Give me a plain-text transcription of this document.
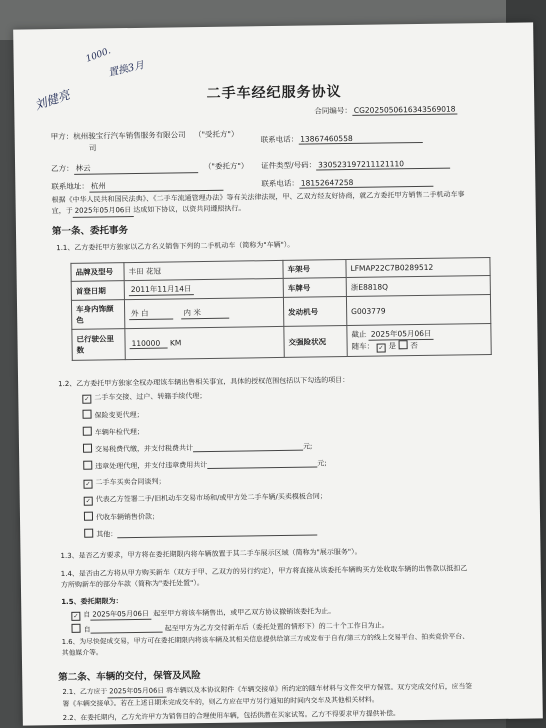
刘健亮
1000.
置换3月
二手车经纪服务协议
合同编号： CG20250506163435690​18
甲方：杭州骏宝行汽车销售服务有限公司 （"受托方"）
联系电话： 13867460558
司
乙方： 林云	（"委托方"） 证件类型/号码： 330523197211121110
联系地址： 杭州	联系电话： 18152647258
根据《中华人民共和国民法典》、《二手车流通管理办法》等有关法律法规，甲、乙双方经友好协商，就乙方委托甲方销售二手机动车事
宜，于 2025年05月06日 达成如下协议，以资共同遵照执行。
第一条、委托事务
1.1、乙方委托甲方独家以乙方名义销售下列的二手机动车（简称为"车辆"）。
品牌及型号	丰田 花冠	车架号	LFMAP22C7B0289512
首登日期	2011年11月14日	车牌号	浙E8818Q
车身内饰颜色	外 白 内 米	发动机号	G003779
已行驶公里数	110000 KM	交强险状况	截止 2025年05月06日
随车： ✓ 是 否
1.2、乙方委托甲方独家全权办理该车辆出售相关事宜，具体的授权范围包括以下勾选的项目：
✓ 二手车交接、过户、转籍手续代理；
保险变更代理；
车辆年检代理；
交易税费代缴，并支付税费共计	元;
违章处理代理，并支付违章费用共计	元;
✓ 二手车买卖合同谈判；
✓ 代表乙方签署二手/旧机动车交易市场和/或甲方处二手车辆/买卖模板合同；
代收车辆销售价款；
其他：
1.3、是否乙方要求，甲方将在委托期限内将车辆放置于其二手车展示区域（简称为"展示服务"）。
1.4、是否由乙方将从甲方购买新车（双方于甲、乙双方的另行约定），甲方将直接从该委托车辆购买方处收取车辆的出售款以抵扣乙
方所购新车的部分车款（简称为"委托处置"）。
1.5、委托期限为：
✓ 自 2025年05月06日 起至甲方将该车辆售出，或甲乙双方协议撤销该委托为止。
自	起至甲方为乙方交付新车后（委托处置的情形下）的二十个工作日为止。
1.6、为尽快促成交易，甲方可在委托期限内将该车辆及其相关信息提供给第三方或发布于自有/第三方的线上交易平台、拍卖竞价平台、
其他媒介等。
第二条、车辆的交付，保管及风险
2.1、乙方应于 2025年05月06日 将车辆以及本协议附件《车辆交接单》所约定的随车材料与文件交甲方保管。双方完成交付后，应当签
署《车辆交接单》。若在上述日期未完成交车的，则乙方应在甲方另行通知的时间内交车及其他相关材料。
2.2、在委托期内，乙方允许甲方为销售目的合理使用车辆，包括供潜在买家试驾。乙方不得要求甲方提供补偿。
